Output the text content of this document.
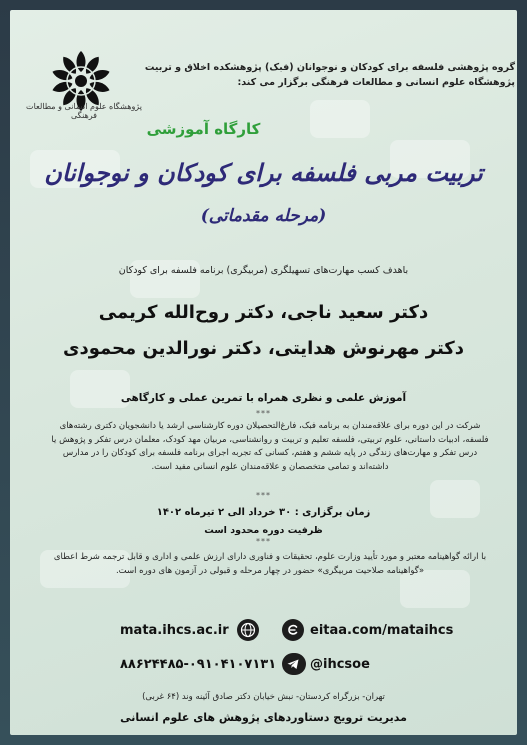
پژوهشگاه علوم انسانی و مطالعات فرهنگی
گروه پژوهشی فلسفه برای کودکان و نوجوانان (فبک) پژوهشکده اخلاق و تربیت
پژوهشگاه علوم انسانی و مطالعات فرهنگی برگزار می کند:
کارگاه آموزشی
تربیت مربی فلسفه برای کودکان و نوجوانان
(مرحله مقدماتی)
باهدف کسب مهارت‌های تسهیلگری (مربیگری) برنامه فلسفه برای کودکان
دکتر سعید ناجی، دکتر روح‌الله کریمی
دکتر مهرنوش هدایتی، دکتر نورالدین محمودی
آموزش علمی و نظری همراه با تمرین عملی و کارگاهی
***
شرکت در این دوره برای علاقه‌مندان به برنامه فبک، فارغ‌التحصیلان دوره کارشناسی ارشد یا دانشجویان دکتری رشته‌های فلسفه، ادبیات داستانی، علوم تربیتی، فلسفه تعلیم و تربیت و روانشناسی، مربیان مهد کودک، معلمان درس تفکر و پژوهش یا درس تفکر و مهارت‌های زندگی در پایه ششم و هفتم، کسانی که تجربه اجرای برنامه فلسفه برای کودکان را در مدارس داشته‌اند و تمامی متخصصان و علاقه‌مندان علوم انسانی مفید است.
***
زمان برگزاری : ۳۰ خرداد الی ۲ تیرماه ۱۴۰۲
ظرفیت دوره محدود است
***
با ارائه گواهینامه معتبر و مورد تأیید وزارت علوم، تحقیقات و فناوری دارای ارزش علمی و اداری و قابل ترجمه شرط اعطای «گواهینامه صلاحیت مربیگری» حضور در چهار مرحله و قبولی در آزمون های دوره است.
mata.ihcs.ac.ir	eitaa.com/mataihcs
۸۸۶۲۴۴۸۵-۰۹۱۰۴۱۰۷۱۳۱	@ihcsoe
تهران- بزرگراه کردستان- نبش خیابان دکتر صادق آئینه وند (۶۴ غربی)
مدیریت ترویج دستاوردهای پژوهش های علوم انسانی
